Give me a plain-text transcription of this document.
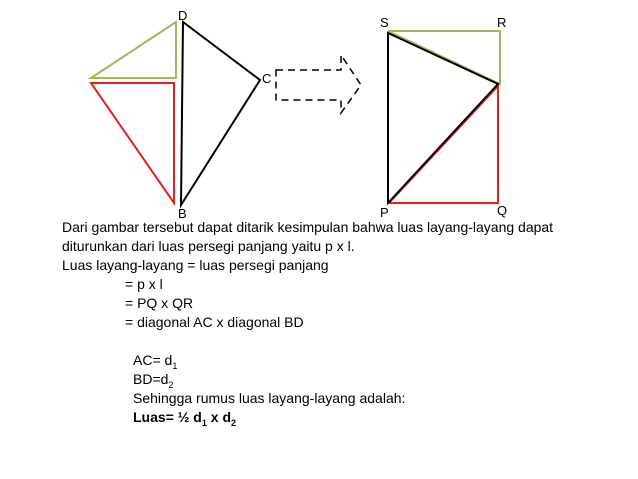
D
C
B
S	R
P	Q
Dari gambar tersebut dapat ditarik kesimpulan bahwa luas layang-layang dapat
diturunkan dari luas persegi panjang yaitu p x l.
Luas layang-layang = luas persegi panjang
= p x l
= PQ x QR
= diagonal AC x diagonal BD
$AC= d_1$
$BD=d_2$
Sehingga rumus luas layang-layang adalah:
Luas= ½ $d_1$ x $d_2$
